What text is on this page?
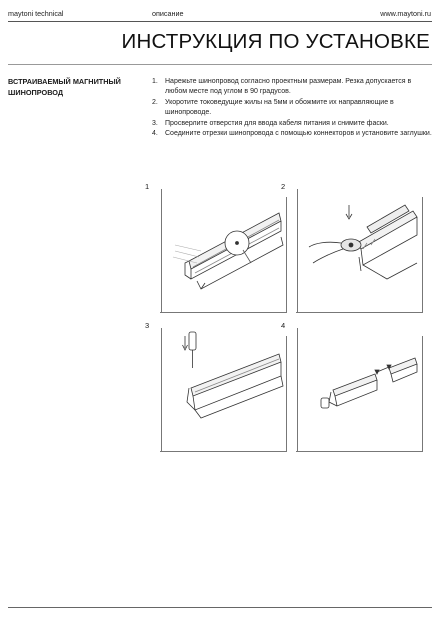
maytoni technical	описание	www.maytoni.ru
ИНСТРУКЦИЯ ПО УСТАНОВКЕ
ВСТРАИВАЕМЫЙ МАГНИТНЫЙ ШИНОПРОВОД
1. Нарежьте шинопровод согласно проектным размерам. Резка допускается в любом месте под углом в 90 градусов.
2. Укоротите токоведущие жилы на 5мм и обожмите их направляющие в шинопроводе.
3. Просверлите отверстия для ввода кабеля питания и снимите фаски.
4. Соедините отрезки шинопровода с помощью коннекторов и установите заглушки.
1	2
3	4
